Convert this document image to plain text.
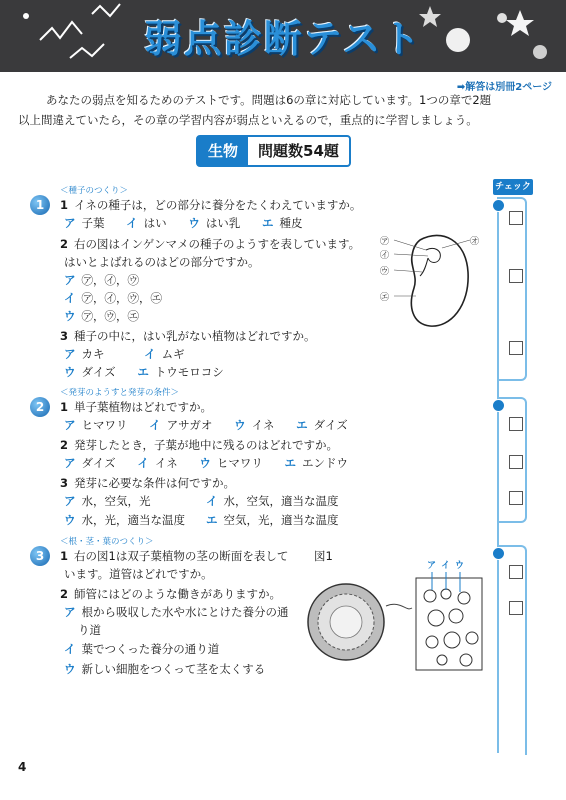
弱点診断テスト
➡解答は別冊2ページ

あなたの弱点を知るためのテストです。問題は6の章に対応しています。1つの章で2題

以上間違えていたら，その章の学習内容が弱点といえるので，重点的に学習しましょう。

生物	問題数54題
チェック
＜種子のつくり＞
1	1 イネの種子は，どの部分に養分をたくわえていますか。
ア 子葉 イ はい ウ はい乳 エ 種皮
2 右の図はインゲンマメの種子のようすを表しています。
はいとよばれるのはどの部分ですか。
ア ㋐，㋑，㋒
イ ㋐，㋑，㋒，㋓
ウ ㋐，㋒，㋓
3 種子の中に，はい乳がない植物はどれですか。
ア カキ	イ ムギ
ウ ダイズ エ トウモロコシ
㋐
㋑
㋒
㋓
㋔
＜発芽のようすと発芽の条件＞
2	1 単子葉植物はどれですか。
ア ヒマワリ イ アサガオ ウ イネ エ ダイズ
2 発芽したとき，子葉が地中に残るのはどれですか。
ア ダイズ イ イネ ウ ヒマワリ エ エンドウ
3 発芽に必要な条件は何ですか。
ア 水，空気，光	イ 水，空気，適当な温度
ウ 水，光，適当な温度 エ 空気，光，適当な温度
＜根・茎・葉のつくり＞
3	1 右の図1は双子葉植物の茎の断面を表して
います。道管はどれですか。
図1
2 師管にはどのような働きがありますか。
ア 根から吸収した水や水にとけた養分の通
り道
イ 葉でつくった養分の通り道
ウ 新しい細胞をつくって茎を太くする
ア イ ウ
4
